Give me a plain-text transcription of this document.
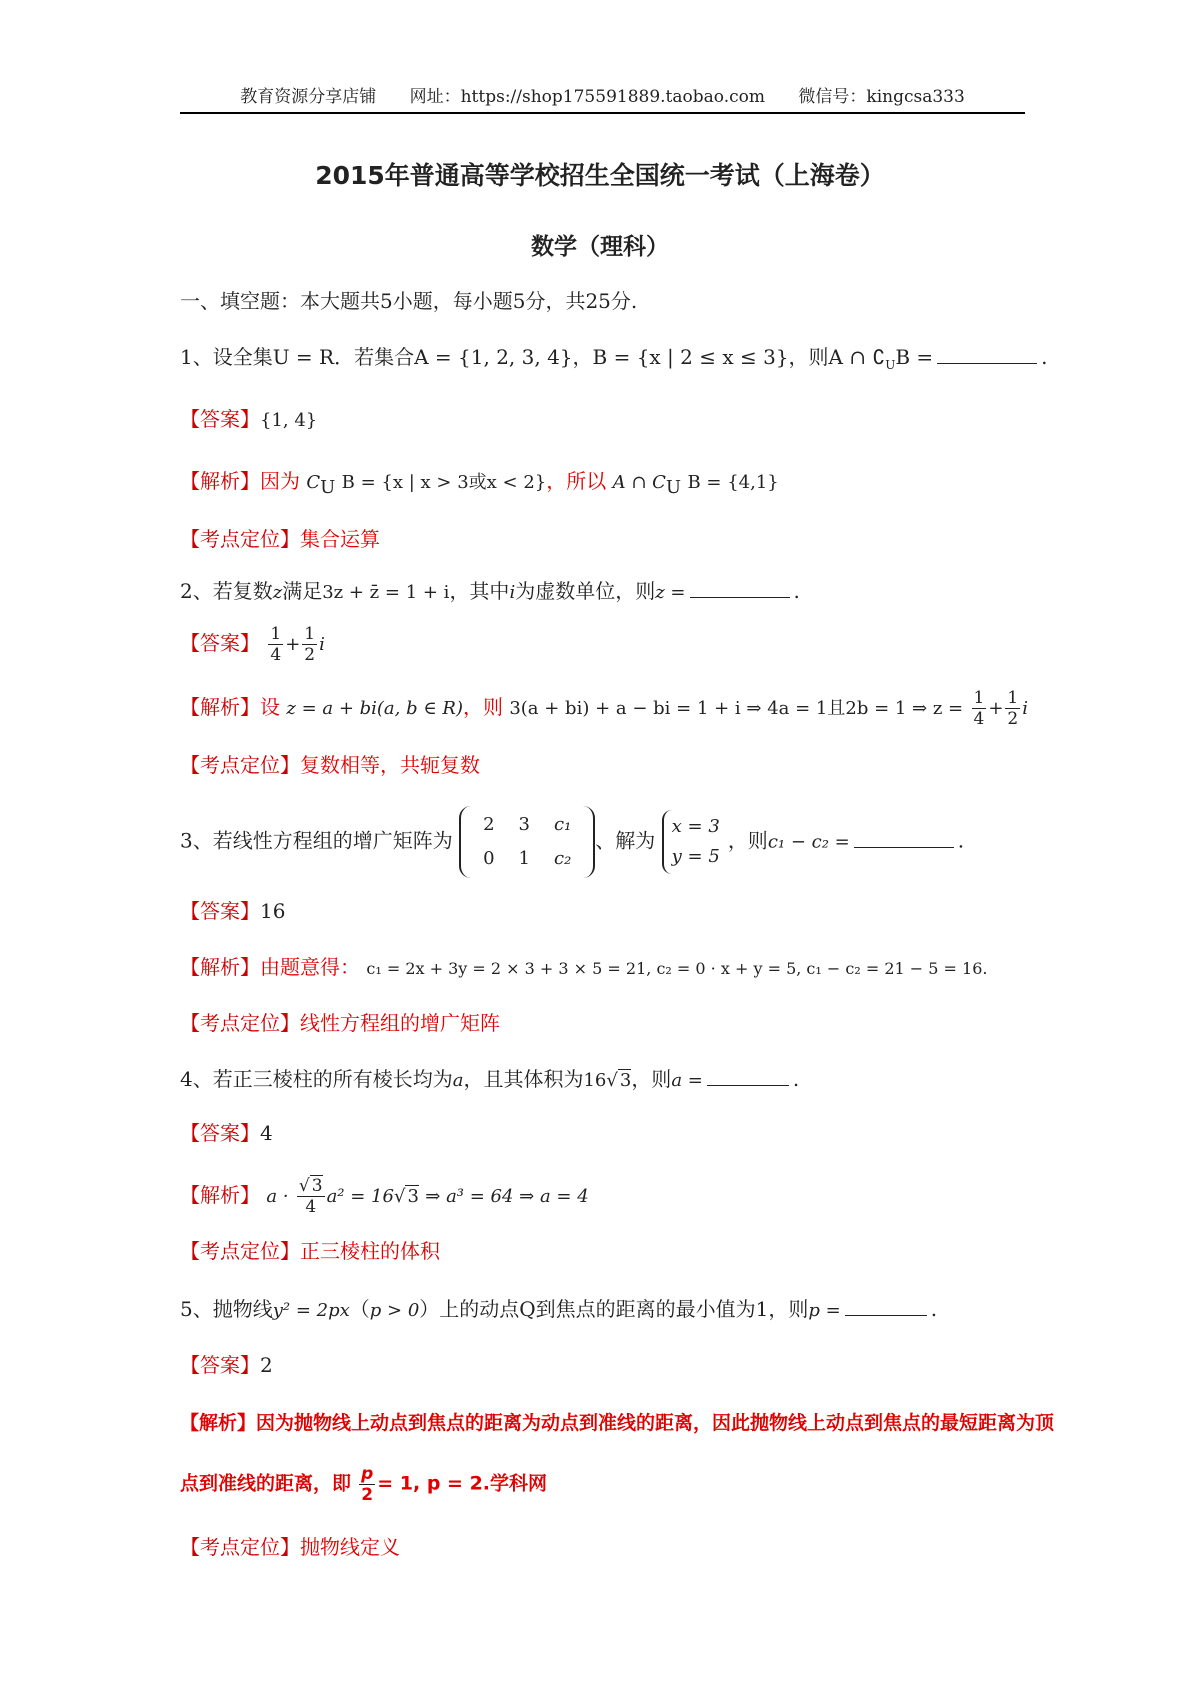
教育资源分享店铺 网址：https://shop175591889.taobao.com 微信号：kingcsa333
2015年普通高等学校招生全国统一考试（上海卷）
数学（理科）
一、填空题：本大题共5小题，每小题5分，共25分.
1、设全集U = R．若集合A = {1, 2, 3, 4}，B = {x | 2 ≤ x ≤ 3}，则A ∩ $∁_UB$ =	.
【答案】{1, 4}
【解析】因为 $C_U$ B = {x | x > 3或x < 2}，所以 A ∩ $C_U$ B = {4,1}
【考点定位】集合运算
2、若复数z满足3z + z̄ = 1 + i，其中i为虚数单位，则z =	.
【答案】 $\frac{1}{4} + \frac{1}{2}$ i
【解析】设 z = a + bi(a, b ∈ R)，则 3(a + bi) + a − bi = 1 + i ⇒ 4a = 1且2b = 1 ⇒ $z = \frac{1}{4} + \frac{1}{2}$ i
【考点定位】复数相等，共轭复数
3、若线性方程组的增广矩阵为
2	3	c₁
0	1	c₂
、解为
x = 3
y = 5
，则c₁ − c₂ =	.
【答案】16
【解析】由题意得： c₁ = 2x + 3y = 2 × 3 + 3 × 5 = 21, c₂ = 0 · x + y = 5, c₁ − c₂ = 21 − 5 = 16.
【考点定位】线性方程组的增广矩阵
4、若正三棱柱的所有棱长均为a，且其体积为16√ 3，则a =	.
【答案】4
【解析】 $a \cdot \frac{√ 3}{4} a^2 = 16√$ 3 ⇒ a³ = 64 ⇒ a = 4
【考点定位】正三棱柱的体积
5、抛物线y² = 2px（p > 0）上的动点Q到焦点的距离的最小值为1，则p =	.
【答案】2
【解析】因为抛物线上动点到焦点的距离为动点到准线的距离，因此抛物线上动点到焦点的最短距离为顶
点到准线的距离，即 $\frac{p}{2} = 1$, p = 2.学科网
【考点定位】抛物线定义
